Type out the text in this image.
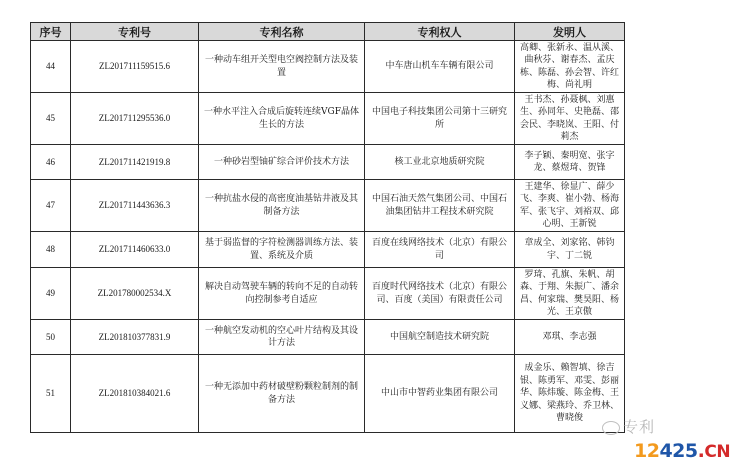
序号	专利号	专利名称	专利权人	发明人
44	ZL201711159515.6	一种动车组开关型电空阀控制方法及装置	中车唐山机车车辆有限公司	高卿、张新永、温从溪、曲秋芬、谢春杰、孟庆栋、陈磊、孙会智、许红梅、尚礼明
45	ZL201711295536.0	一种水平注入合成后旋转连续VGF晶体生长的方法	中国电子科技集团公司第十三研究所	王书杰、孙聂枫、刘惠生、孙同年、史艳磊、邵会民、李晓岚、王阳、付莉杰
46	ZL201711421919.8	一种砂岩型铀矿综合评价技术方法	核工业北京地质研究院	李子颖、秦明宽、张字龙、蔡煜琦、贺锋
47	ZL201711443636.3	一种抗盐水侵的高密度油基钻井液及其制备方法	中国石油天然气集团公司、中国石油集团钻井工程技术研究院	王建华、徐显广、薛少飞、李爽、崔小勃、杨海军、张飞宇、刘裕双、邱心明、王新锐
48	ZL201711460633.0	基于弱监督的字符检测器训练方法、装置、系统及介质	百度在线网络技术（北京）有限公司	章成全、刘家铭、韩钧宇、丁二锐
49	ZL201780002534.X	解决自动驾驶车辆的转向不足的自动转向控制参考自适应	百度时代网络技术（北京）有限公司、百度（美国）有限责任公司	罗琦、孔旗、朱帆、胡森、于翔、朱振广、潘余昌、何家瑞、樊昊阳、杨光、王京傲
50	ZL201810377831.9	一种航空发动机的空心叶片结构及其设计方法	中国航空制造技术研究院	邓琪、李志强
51	ZL201810384021.6	一种无添加中药材破壁粉颗粒制剂的制备方法	中山市中智药业集团有限公司	成金乐、赖智填、徐吉银、陈勇军、邓雯、彭丽华、陈炜璇、陈金梅、王义娜、梁燕玲、乔卫林、曹晓俊	专利
12425.CN
